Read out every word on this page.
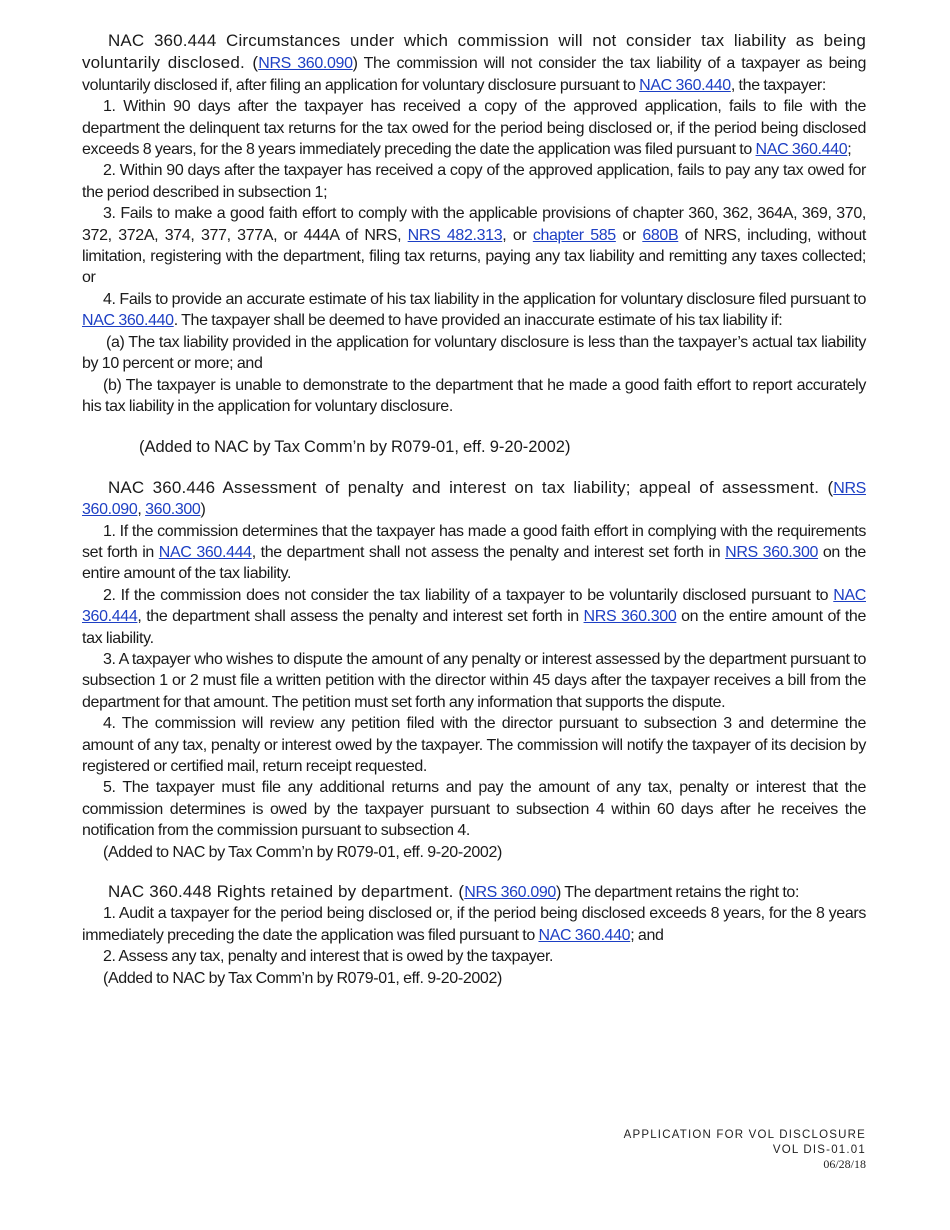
NAC 360.444 Circumstances under which commission will not consider tax liability as being voluntarily disclosed. (NRS 360.090) The commission will not consider the tax liability of a taxpayer as being voluntarily disclosed if, after filing an application for voluntary disclosure pursuant to NAC 360.440, the taxpayer:

1. Within 90 days after the taxpayer has received a copy of the approved application, fails to file with the department the delinquent tax returns for the tax owed for the period being disclosed or, if the period being disclosed exceeds 8 years, for the 8 years immediately preceding the date the application was filed pursuant to NAC 360.440;

2. Within 90 days after the taxpayer has received a copy of the approved application, fails to pay any tax owed for the period described in subsection 1;

3. Fails to make a good faith effort to comply with the applicable provisions of chapter 360, 362, 364A, 369, 370, 372, 372A, 374, 377, 377A, or 444A of NRS, NRS 482.313, or chapter 585 or 680B of NRS, including, without limitation, registering with the department, filing tax returns, paying any tax liability and remitting any taxes collected; or

4. Fails to provide an accurate estimate of his tax liability in the application for voluntary disclosure filed pursuant to NAC 360.440. The taxpayer shall be deemed to have provided an inaccurate estimate of his tax liability if:

(a) The tax liability provided in the application for voluntary disclosure is less than the taxpayer’s actual tax liability by 10 percent or more; and

(b) The taxpayer is unable to demonstrate to the department that he made a good faith effort to report accurately his tax liability in the application for voluntary disclosure.

(Added to NAC by Tax Comm’n by R079-01, eff. 9-20-2002)

NAC 360.446 Assessment of penalty and interest on tax liability; appeal of assessment. (NRS 360.090, 360.300)

1. If the commission determines that the taxpayer has made a good faith effort in complying with the requirements set forth in NAC 360.444, the department shall not assess the penalty and interest set forth in NRS 360.300 on the entire amount of the tax liability.

2. If the commission does not consider the tax liability of a taxpayer to be voluntarily disclosed pursuant to NAC 360.444, the department shall assess the penalty and interest set forth in NRS 360.300 on the entire amount of the tax liability.

3. A taxpayer who wishes to dispute the amount of any penalty or interest assessed by the department pursuant to subsection 1 or 2 must file a written petition with the director within 45 days after the taxpayer receives a bill from the department for that amount. The petition must set forth any information that supports the dispute.

4. The commission will review any petition filed with the director pursuant to subsection 3 and determine the amount of any tax, penalty or interest owed by the taxpayer. The commission will notify the taxpayer of its decision by registered or certified mail, return receipt requested.

5. The taxpayer must file any additional returns and pay the amount of any tax, penalty or interest that the commission determines is owed by the taxpayer pursuant to subsection 4 within 60 days after he receives the notification from the commission pursuant to subsection 4.

(Added to NAC by Tax Comm’n by R079-01, eff. 9-20-2002)

NAC 360.448 Rights retained by department. (NRS 360.090) The department retains the right to:

1. Audit a taxpayer for the period being disclosed or, if the period being disclosed exceeds 8 years, for the 8 years immediately preceding the date the application was filed pursuant to NAC 360.440; and

2. Assess any tax, penalty and interest that is owed by the taxpayer.

(Added to NAC by Tax Comm’n by R079-01, eff. 9-20-2002)

APPLICATION FOR VOL DISCLOSURE
VOL DIS-01.01
06/28/18
